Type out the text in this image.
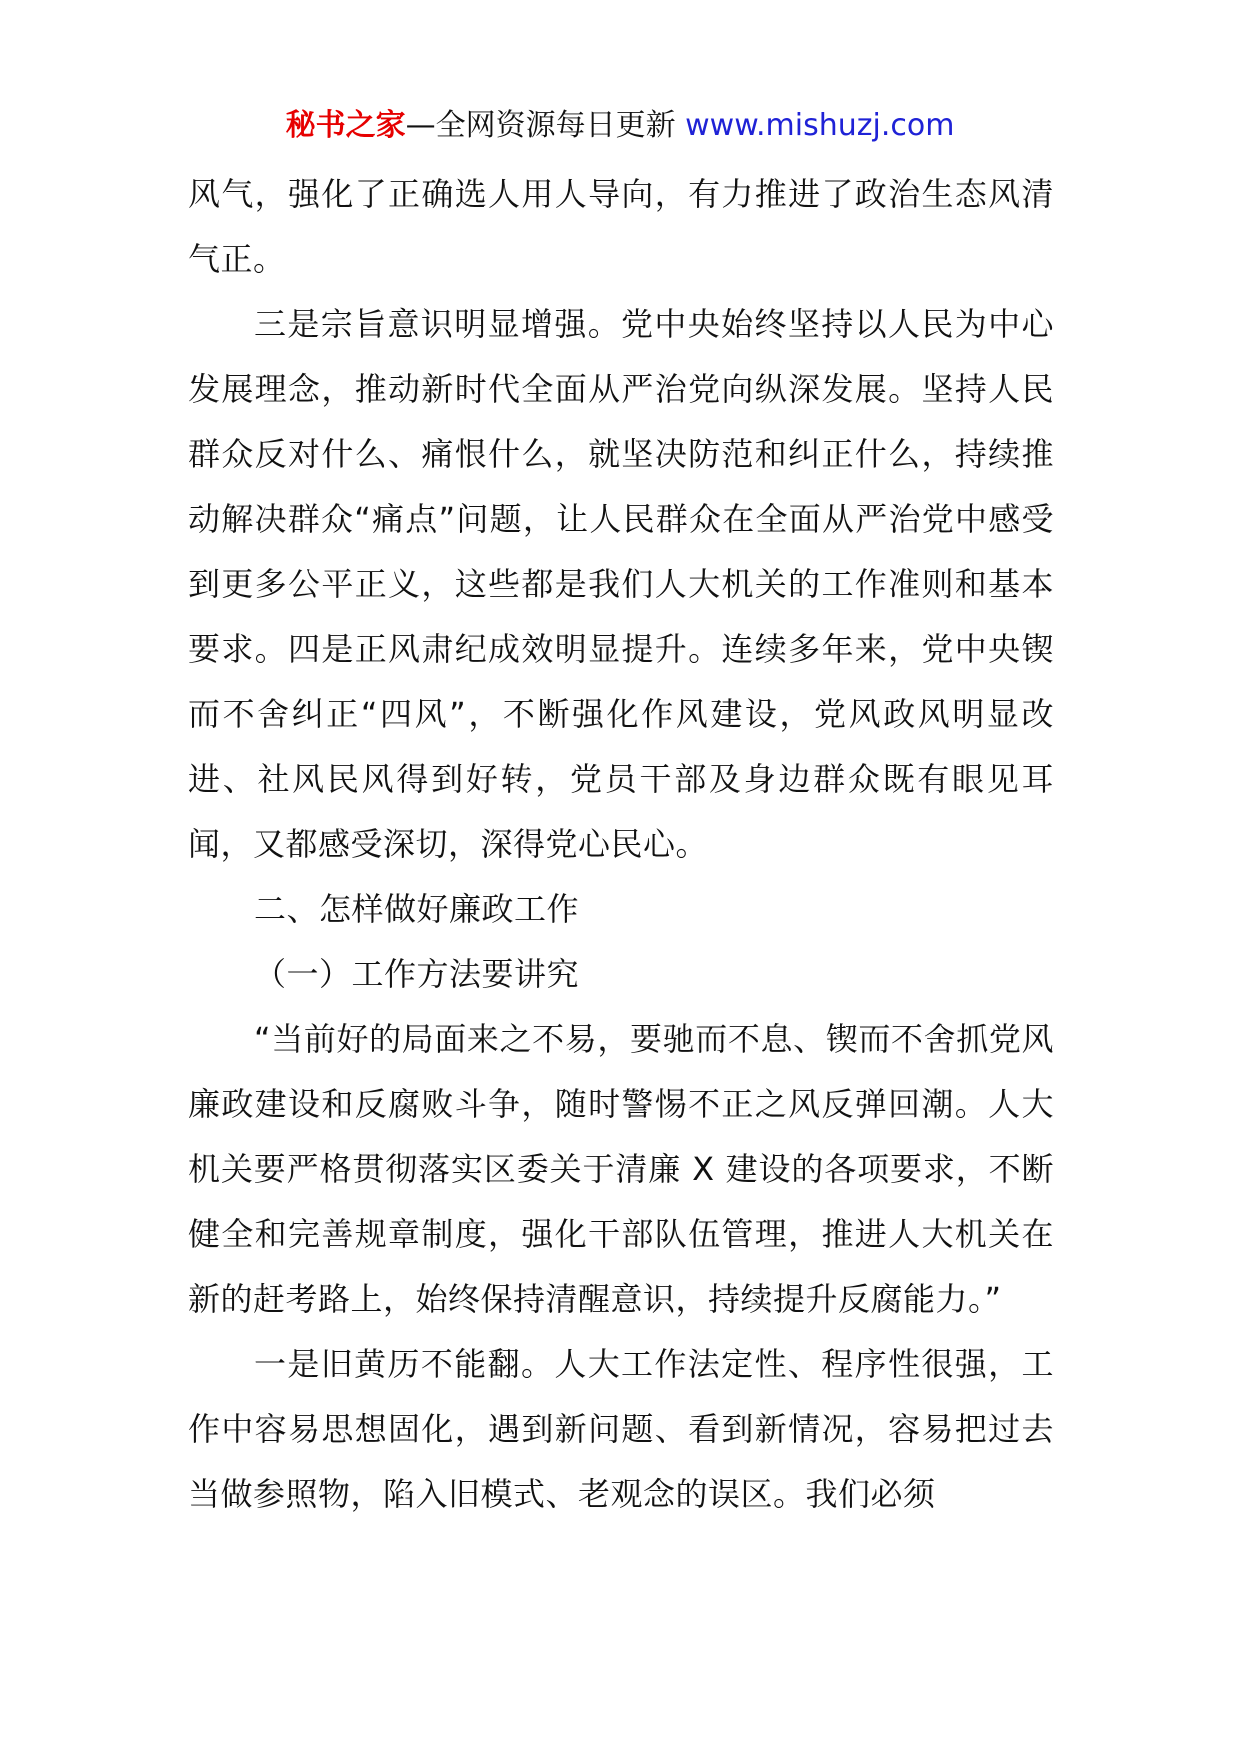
秘书之家—全网资源每日更新 www.mishuzj.com

风气，强化了正确选人用人导向，有力推进了政治生态风清气正。

三是宗旨意识明显增强。党中央始终坚持以人民为中心发展理念，推动新时代全面从严治党向纵深发展。坚持人民群众反对什么、痛恨什么，就坚决防范和纠正什么，持续推动解决群众“痛点”问题，让人民群众在全面从严治党中感受到更多公平正义，这些都是我们人大机关的工作准则和基本要求。四是正风肃纪成效明显提升。连续多年来，党中央锲而不舍纠正“四风”，不断强化作风建设，党风政风明显改进、社风民风得到好转，党员干部及身边群众既有眼见耳闻，又都感受深切，深得党心民心。

二、怎样做好廉政工作

（一）工作方法要讲究

“当前好的局面来之不易，要驰而不息、锲而不舍抓党风廉政建设和反腐败斗争，随时警惕不正之风反弹回潮。人大机关要严格贯彻落实区委关于清廉 X 建设的各项要求，不断健全和完善规章制度，强化干部队伍管理，推进人大机关在新的赶考路上，始终保持清醒意识，持续提升反腐能力。”

一是旧黄历不能翻。人大工作法定性、程序性很强，工作中容易思想固化，遇到新问题、看到新情况，容易把过去当做参照物，陷入旧模式、老观念的误区。我们必须
